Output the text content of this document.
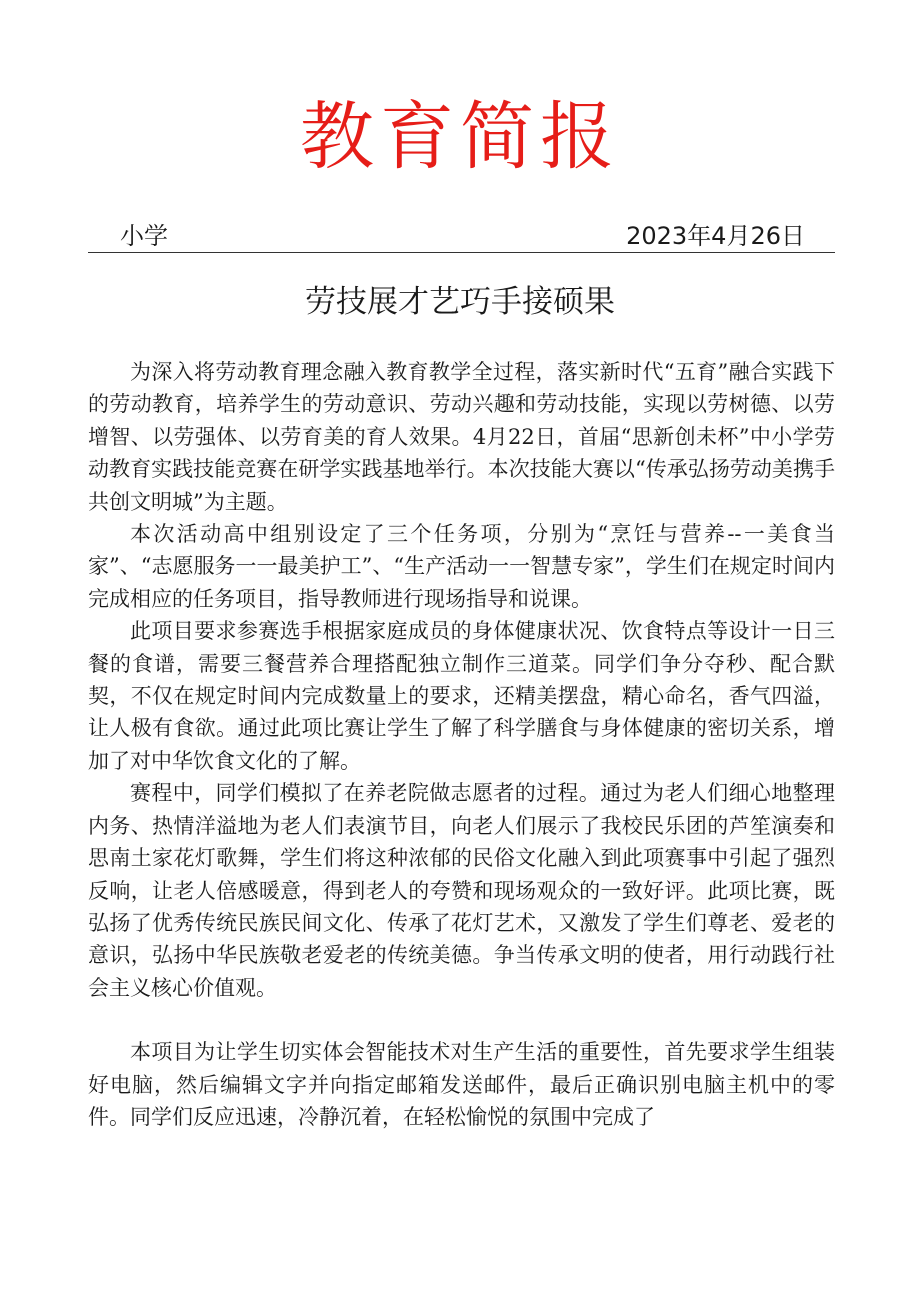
教育简报
小学	2023年4月26日
劳技展才艺巧手接硕果

为深入将劳动教育理念融入教育教学全过程，落实新时代“五育”融合实践下的劳动教育，培养学生的劳动意识、劳动兴趣和劳动技能，实现以劳树德、以劳增智、以劳强体、以劳育美的育人效果。4月22日，首届“思新创未杯”中小学劳动教育实践技能竞赛在研学实践基地举行。本次技能大赛以“传承弘扬劳动美携手共创文明城”为主题。

本次活动高中组别设定了三个任务项，分别为“烹饪与营养--一美食当家”、“志愿服务一一最美护工”、“生产活动一一智慧专家”，学生们在规定时间内完成相应的任务项目，指导教师进行现场指导和说课。

此项目要求参赛选手根据家庭成员的身体健康状况、饮食特点等设计一日三餐的食谱，需要三餐营养合理搭配独立制作三道菜。同学们争分夺秒、配合默契，不仅在规定时间内完成数量上的要求，还精美摆盘，精心命名，香气四溢，让人极有食欲。通过此项比赛让学生了解了科学膳食与身体健康的密切关系，增加了对中华饮食文化的了解。

赛程中，同学们模拟了在养老院做志愿者的过程。通过为老人们细心地整理内务、热情洋溢地为老人们表演节目，向老人们展示了我校民乐团的芦笙演奏和思南土家花灯歌舞，学生们将这种浓郁的民俗文化融入到此项赛事中引起了强烈反响，让老人倍感暖意，得到老人的夸赞和现场观众的一致好评。此项比赛，既弘扬了优秀传统民族民间文化、传承了花灯艺术，又激发了学生们尊老、爱老的意识，弘扬中华民族敬老爱老的传统美德。争当传承文明的使者，用行动践行社会主义核心价值观。

本项目为让学生切实体会智能技术对生产生活的重要性，首先要求学生组装好电脑，然后编辑文字并向指定邮箱发送邮件，最后正确识别电脑主机中的零件。同学们反应迅速，冷静沉着，在轻松愉悦的氛围中完成了
